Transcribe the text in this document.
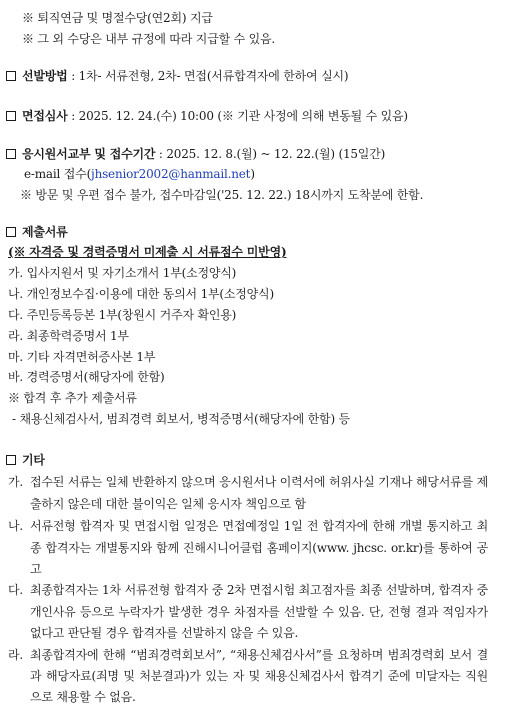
※ 퇴직연금 및 명절수당(연2회) 지급
※ 그 외 수당은 내부 규정에 따라 지급할 수 있음.
선발방법 : 1차- 서류전형, 2차- 면접(서류합격자에 한하여 실시)
면접심사 : 2025. 12. 24.(수) 10:00 (※ 기관 사정에 의해 변동될 수 있음)
응시원서교부 및 접수기간 : 2025. 12. 8.(월) ~ 12. 22.(월) (15일간)
e-mail 접수(jhsenior2002@hanmail.net)
※ 방문 및 우편 접수 불가, 접수마감일('25. 12. 22.) 18시까지 도착분에 한함.
제출서류
(※ 자격증 및 경력증명서 미제출 시 서류점수 미반영)
가. 입사지원서 및 자기소개서 1부(소정양식)
나. 개인정보수집·이용에 대한 동의서 1부(소정양식)
다. 주민등록등본 1부(창원시 거주자 확인용)
라. 최종학력증명서 1부
마. 기타 자격면허증사본 1부
바. 경력증명서(해당자에 한함)
※ 합격 후 추가 제출서류
- 채용신체검사서, 범죄경력 회보서, 병적증명서(해당자에 한함) 등
기타
가. 접수된 서류는 일체 반환하지 않으며 응시원서나 이력서에 허위사실 기재나 해당서류를 제출하지 않은데 대한 불이익은 일체 응시자 책임으로 함
나. 서류전형 합격자 및 면접시험 일정은 면접예정일 1일 전 합격자에 한해 개별 통지하고 최종 합격자는 개별통지와 함께 진해시니어클럽 홈페이지(www. jhcsc. or.kr)를 통하여 공고
다. 최종합격자는 1차 서류전형 합격자 중 2차 면접시험 최고점자를 최종 선발하며, 합격자 중 개인사유 등으로 누락자가 발생한 경우 차점자를 선발할 수 있음. 단, 전형 결과 적임자가 없다고 판단될 경우 합격자를 선발하지 않을 수 있음.
라. 최종합격자에 한해 “범죄경력회보서”, “채용신체검사서”를 요청하며 범죄경력회 보서 결과 해당자료(죄명 및 처분결과)가 있는 자 및 채용신체검사서 합격기 준에 미달자는 직원으로 채용할 수 없음.
